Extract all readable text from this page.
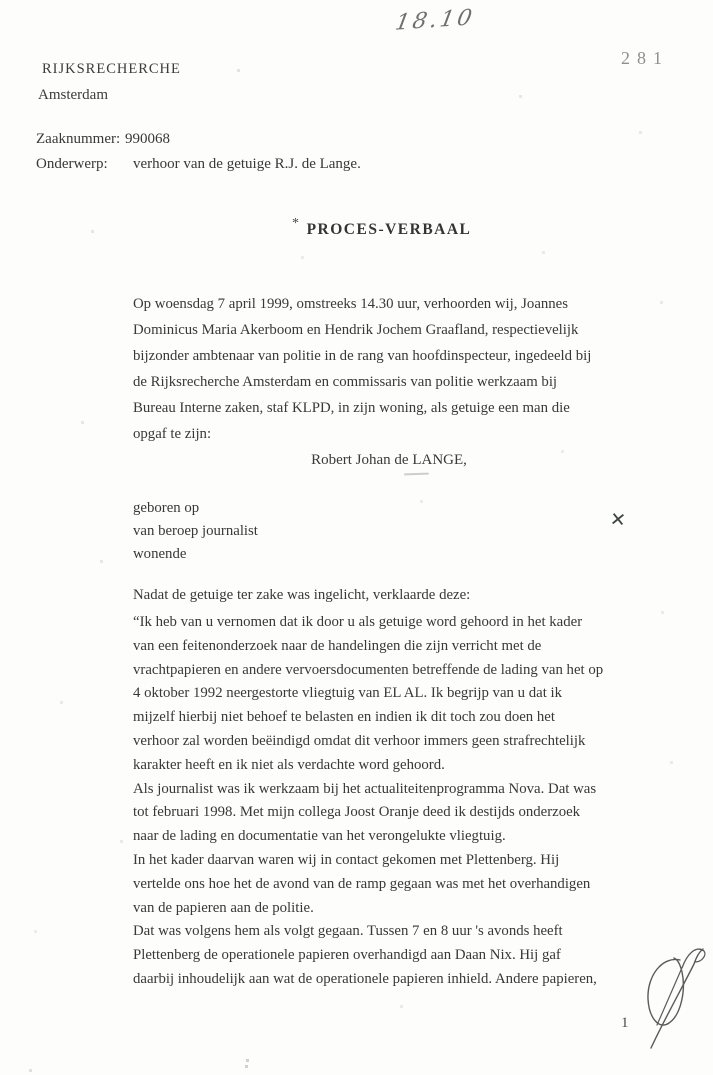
18.10
281
RIJKSRECHERCHE
Amsterdam
Zaaknummer: 990068
Onderwerp: verhoor van de getuige R.J. de Lange.
* PROCES-VERBAAL
Op woensdag 7 april 1999, omstreeks 14.30 uur, verhoorden wij, Joannes
Dominicus Maria Akerboom en Hendrik Jochem Graafland, respectievelijk
bijzonder ambtenaar van politie in de rang van hoofdinspecteur, ingedeeld bij
de Rijksrecherche Amsterdam en commissaris van politie werkzaam bij
Bureau Interne zaken, staf KLPD, in zijn woning, als getuige een man die
opgaf te zijn:
Robert Johan de LANGE,
geboren op
van beroep journalist
wonende
✕
Nadat de getuige ter zake was ingelicht, verklaarde deze:
“Ik heb van u vernomen dat ik door u als getuige word gehoord in het kader
van een feitenonderzoek naar de handelingen die zijn verricht met de
vrachtpapieren en andere vervoersdocumenten betreffende de lading van het op
4 oktober 1992 neergestorte vliegtuig van EL AL. Ik begrijp van u dat ik
mijzelf hierbij niet behoef te belasten en indien ik dit toch zou doen het
verhoor zal worden beëindigd omdat dit verhoor immers geen strafrechtelijk
karakter heeft en ik niet als verdachte word gehoord.
Als journalist was ik werkzaam bij het actualiteitenprogramma Nova. Dat was
tot februari 1998. Met mijn collega Joost Oranje deed ik destijds onderzoek
naar de lading en documentatie van het verongelukte vliegtuig.
In het kader daarvan waren wij in contact gekomen met Plettenberg. Hij
vertelde ons hoe het de avond van de ramp gegaan was met het overhandigen
van de papieren aan de politie.
Dat was volgens hem als volgt gegaan. Tussen 7 en 8 uur 's avonds heeft
Plettenberg de operationele papieren overhandigd aan Daan Nix. Hij gaf
daarbij inhoudelijk aan wat de operationele papieren inhield. Andere papieren,
1
